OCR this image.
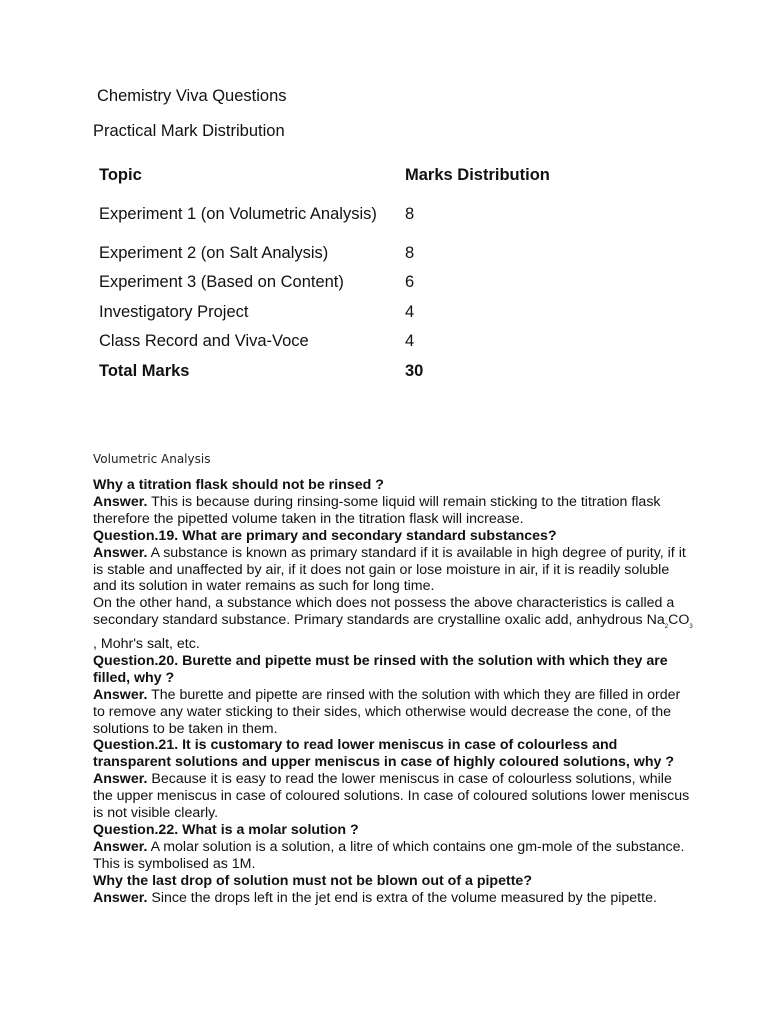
Chemistry Viva Questions
Practical Mark Distribution
Topic	Marks Distribution
Experiment 1 (on Volumetric Analysis)	8
Experiment 2 (on Salt Analysis)	8
Experiment 3 (Based on Content)	6
Investigatory Project	4
Class Record and Viva-Voce	4
Total Marks	30
Volumetric Analysis

Why a titration flask should not be rinsed ?

Answer. This is because during rinsing-some liquid will remain sticking to the titration flask therefore the pipetted volume taken in the titration flask will increase.

Question.19. What are primary and secondary standard substances?

Answer. A substance is known as primary standard if it is available in high degree of purity, if it is stable and unaffected by air, if it does not gain or lose moisture in air, if it is readily soluble and its solution in water remains as such for long time.

On the other hand, a substance which does not possess the above characteristics is called a secondary standard substance. Primary standards are crystalline oxalic add, anhydrous $Na_2CO_3$ , Mohr's salt, etc.

Question.20. Burette and pipette must be rinsed with the solution with which they are filled, why ?

Answer. The burette and pipette are rinsed with the solution with which they are filled in order to remove any water sticking to their sides, which otherwise would decrease the cone, of the solutions to be taken in them.

Question.21. It is customary to read lower meniscus in case of colourless and transparent solutions and upper meniscus in case of highly coloured solutions, why ?

Answer. Because it is easy to read the lower meniscus in case of colourless solutions, while the upper meniscus in case of coloured solutions. In case of coloured solutions lower meniscus is not visible clearly.

Question.22. What is a molar solution ?

Answer. A molar solution is a solution, a litre of which contains one gm-mole of the substance. This is symbolised as 1M.

Why the last drop of solution must not be blown out of a pipette?

Answer. Since the drops left in the jet end is extra of the volume measured by the pipette.
